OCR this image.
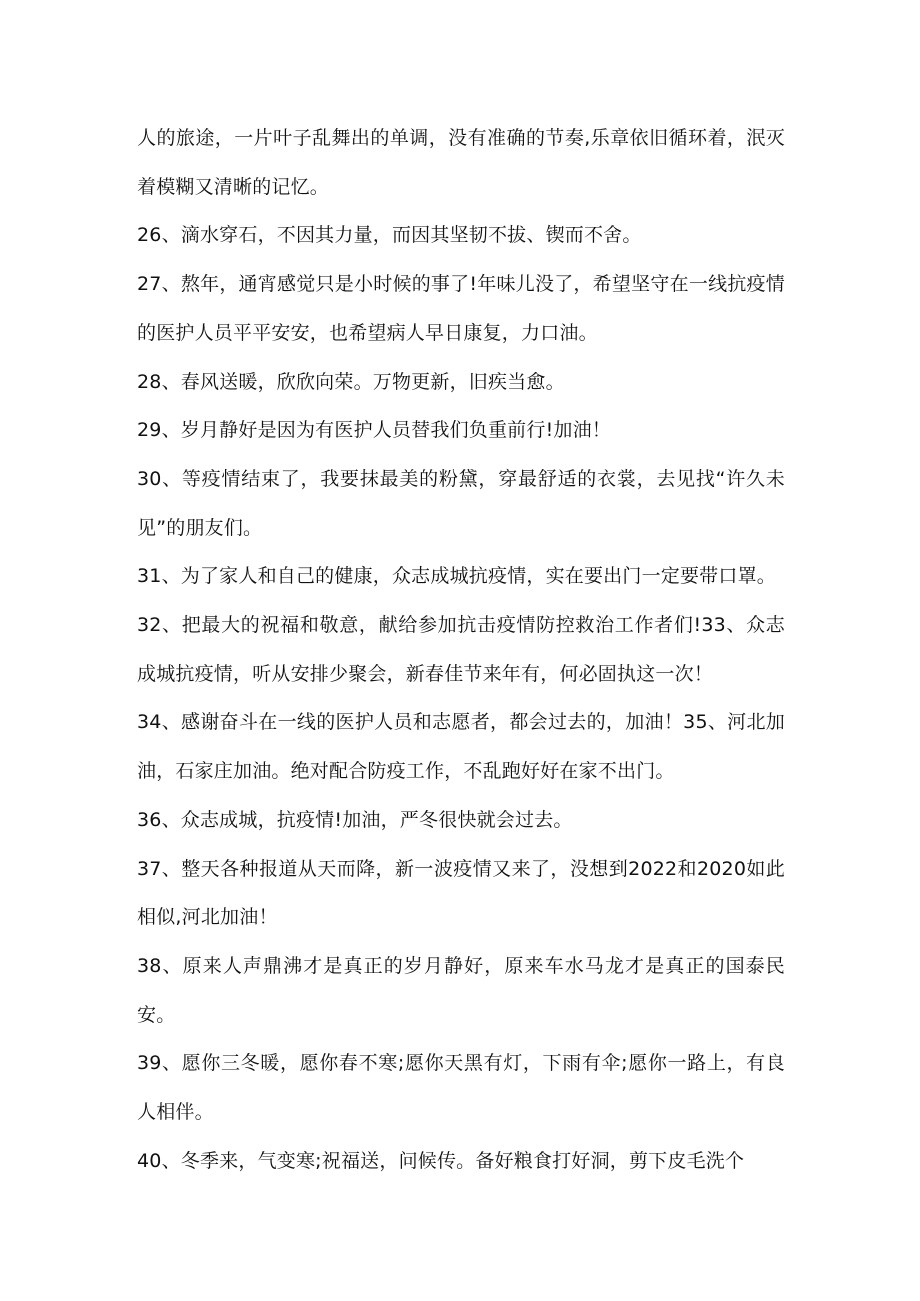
人的旅途，一片叶子乱舞出的单调，没有准确的节奏,乐章依旧循环着，泯灭着模糊又清晰的记忆。

26、滴水穿石，不因其力量，而因其坚韧不拔、锲而不舍。

27、熬年，通宵感觉只是小时候的事了!年味儿没了，希望坚守在一线抗疫情的医护人员平平安安，也希望病人早日康复，力口油。

28、春风送暖，欣欣向荣。万物更新，旧疾当愈。

29、岁月静好是因为有医护人员替我们负重前行!加油！

30、等疫情结束了，我要抹最美的粉黛，穿最舒适的衣裳，去见找“许久未见”的朋友们。

31、为了家人和自己的健康，众志成城抗疫情，实在要出门一定要带口罩。

32、把最大的祝福和敬意，献给参加抗击疫情防控救治工作者们!33、众志成城抗疫情，听从安排少聚会，新春佳节来年有，何必固执这一次！

34、感谢奋斗在一线的医护人员和志愿者，都会过去的，加油！35、河北加油，石家庄加油。绝对配合防疫工作，不乱跑好好在家不出门。

36、众志成城，抗疫情!加油，严冬很快就会过去。

37、整天各种报道从天而降，新一波疫情又来了，没想到2022和2020如此相似,河北加油！

38、原来人声鼎沸才是真正的岁月静好，原来车水马龙才是真正的国泰民安。

39、愿你三冬暖，愿你春不寒;愿你天黑有灯，下雨有伞;愿你一路上，有良人相伴。

40、冬季来，气变寒;祝福送，问候传。备好粮食打好洞，剪下皮毛洗个
